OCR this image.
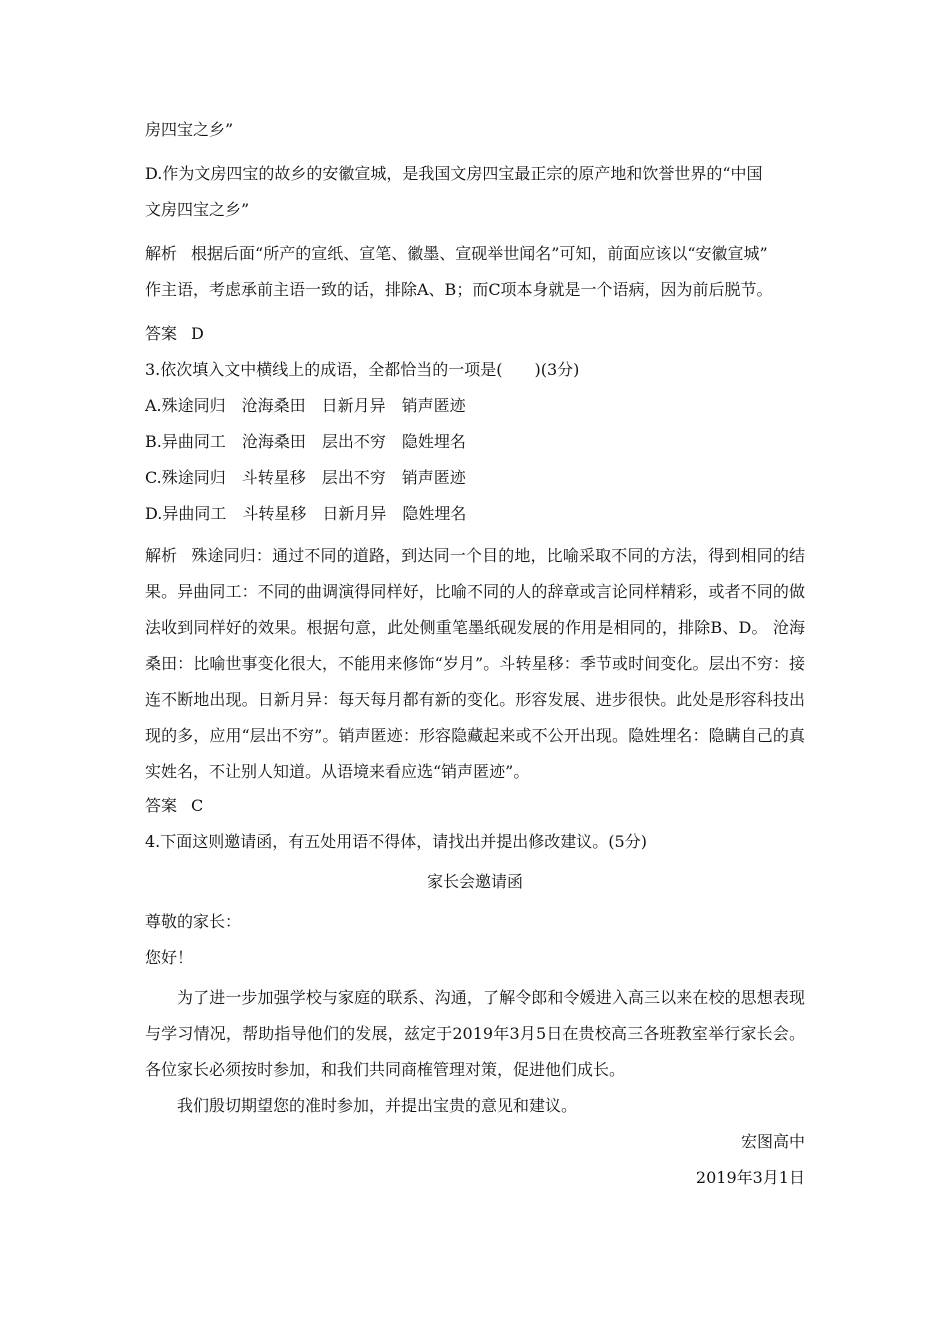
房四宝之乡”

D.作为文房四宝的故乡的安徽宣城，是我国文房四宝最正宗的原产地和饮誉世界的“中国

文房四宝之乡”

解析 根据后面“所产的宣纸、宣笔、徽墨、宣砚举世闻名”可知，前面应该以“安徽宣城”

作主语，考虑承前主语一致的话，排除A、B；而C项本身就是一个语病，因为前后脱节。

答案 D

3.依次填入文中横线上的成语，全都恰当的一项是(　　)(3分)

A.殊途同归　沧海桑田　日新月异　销声匿迹

B.异曲同工　沧海桑田　层出不穷　隐姓埋名

C.殊途同归　斗转星移　层出不穷　销声匿迹

D.异曲同工　斗转星移　日新月异　隐姓埋名

解析 殊途同归：通过不同的道路，到达同一个目的地，比喻采取不同的方法，得到相同的结果。异曲同工：不同的曲调演得同样好，比喻不同的人的辞章或言论同样精彩，或者不同的做法收到同样好的效果。根据句意，此处侧重笔墨纸砚发展的作用是相同的，排除B、D。 沧海桑田：比喻世事变化很大，不能用来修饰“岁月”。斗转星移：季节或时间变化。层出不穷：接连不断地出现。日新月异：每天每月都有新的变化。形容发展、进步很快。此处是形容科技出现的多，应用“层出不穷”。销声匿迹：形容隐藏起来或不公开出现。隐姓埋名：隐瞒自己的真实姓名，不让别人知道。从语境来看应选“销声匿迹”。

答案 C

4.下面这则邀请函，有五处用语不得体，请找出并提出修改建议。(5分)

家长会邀请函

尊敬的家长：

您好！

为了进一步加强学校与家庭的联系、沟通，了解令郎和令媛进入高三以来在校的思想表现与学习情况，帮助指导他们的发展，兹定于2019年3月5日在贵校高三各班教室举行家长会。各位家长必须按时参加，和我们共同商榷管理对策，促进他们成长。

我们殷切期望您的准时参加，并提出宝贵的意见和建议。

宏图高中

2019年3月1日
